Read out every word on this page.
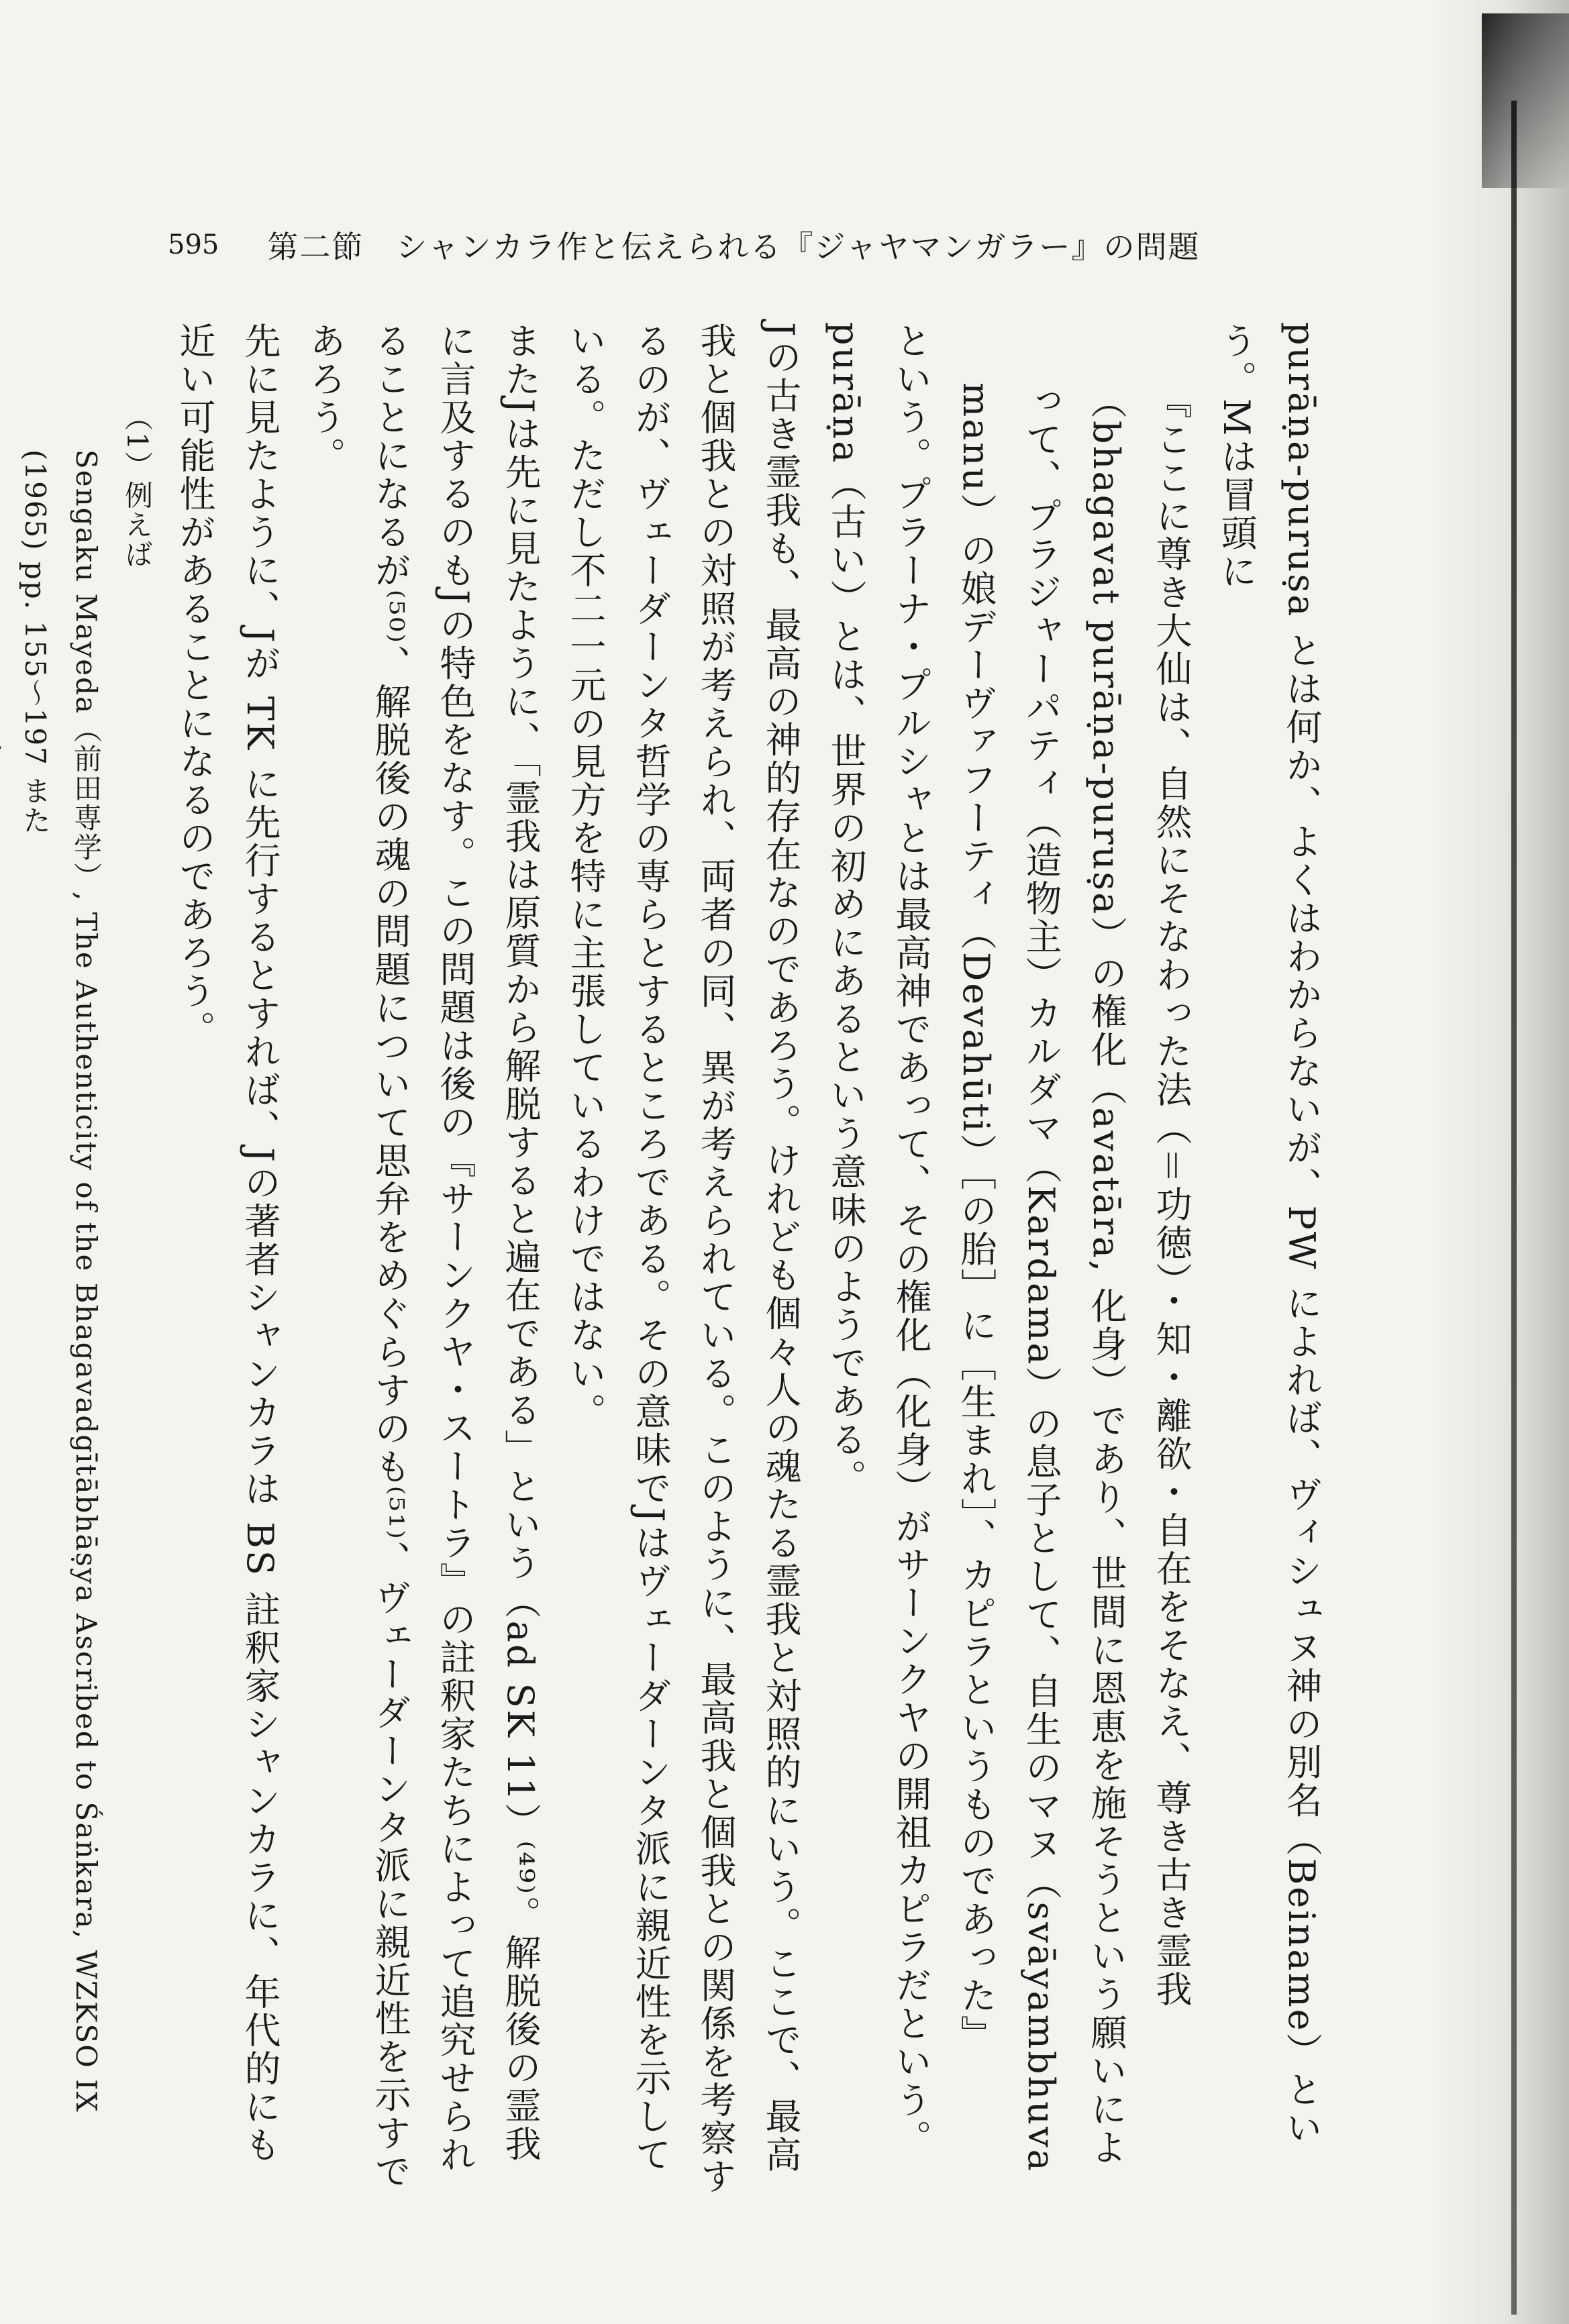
595 第二節　シャンカラ作と伝えられる『ジャヤマンガラー』の問題
purāṇa-puruṣa とは何か、よくはわからないが、PW によれば、ヴィシュヌ神の別名（Beiname）という。Mは冒頭に
『ここに尊き大仙は、自然にそなわった法（＝功徳）・知・離欲・自在をそなえ、尊き古き霊我（bhagavat purāṇa-puruṣa）の権化（avatāra, 化身）であり、世間に恩恵を施そうという願いによって、プラジャーパティ（造物主）カルダマ（Kardama）の息子として、自生のマヌ（svāyambhuva manu）の娘デーヴァフーティ（Devahūti）［の胎］に［生まれ］、カピラというものであった』
という。プラーナ・プルシャとは最高神であって、その権化（化身）がサーンクヤの開祖カピラだという。purāṇa（古い）とは、世界の初めにあるという意味のようである。
Jの古き霊我も、最高の神的存在なのであろう。けれども個々人の魂たる霊我と対照的にいう。ここで、最高我と個我との対照が考えられ、両者の同、異が考えられている。このように、最高我と個我との関係を考察するのが、ヴェーダーンタ哲学の専らとするところである。その意味でJはヴェーダーンタ派に親近性を示している。ただし不二一元の見方を特に主張しているわけではない。
またJは先に見たように、「霊我は原質から解脱すると遍在である」という（ad SK 11）⁽⁴⁹⁾。解脱後の霊我に言及するのもJの特色をなす。この問題は後の『サーンクヤ・スートラ』の註釈家たちによって追究せられることになるが⁽⁵⁰⁾、解脱後の魂の問題について思弁をめぐらすのも⁽⁵¹⁾、ヴェーダーンタ派に親近性を示すであろう。
先に見たように、Jが TK に先行するとすれば、Jの著者シャンカラは BS 註釈家シャンカラに、年代的にも近い可能性があることになるのであろう。
（1）例えば
Sengaku Mayeda（前田専学）, The Authenticity of the Bhagavadgītābhāṣya Ascribed to Śaṅkara, WZKSO IX (1965) pp. 155〜197 また
